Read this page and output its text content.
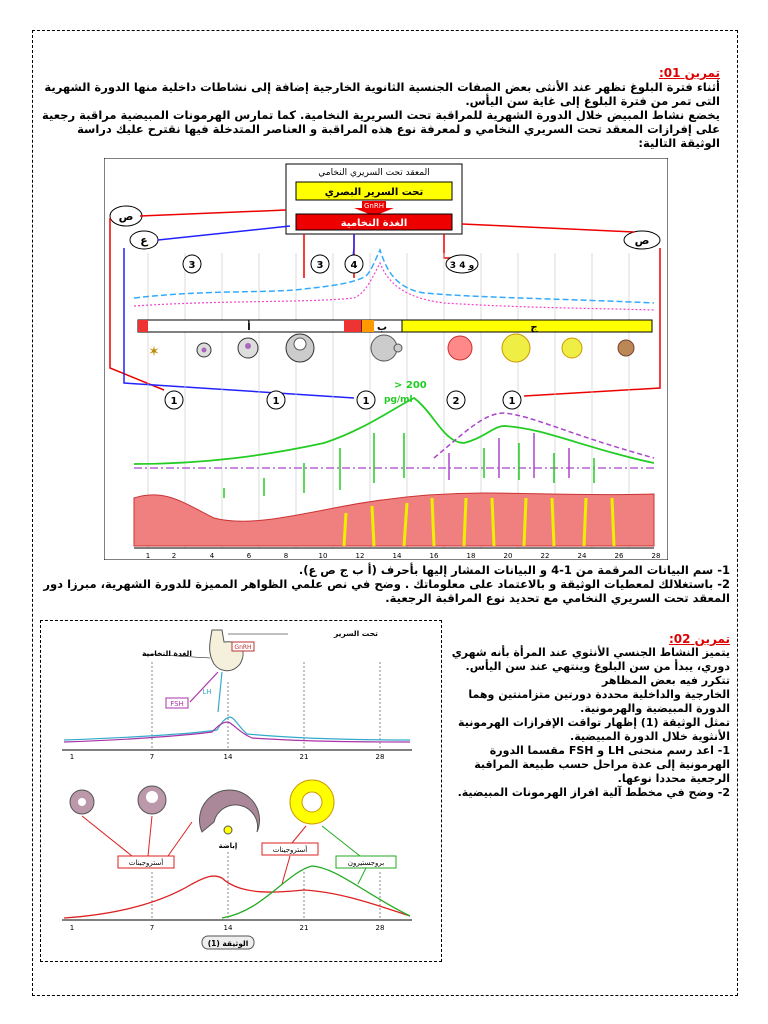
تمرين 01:
أثناء فترة البلوغ تظهر عند الأنثى بعض الصفات الجنسية الثانوية الخارجية إضافة إلى نشاطات داخلية منها الدورة الشهرية التى تمر من فترة البلوغ إلى غاية سن اليأس.
يخضع نشاط المبيض خلال الدورة الشهرية للمراقبة تحت السريرية النخامية. كما تمارس الهرمونات المبيضية مراقبة رجعية على إفرازات المعقد تحت السريري النخامي و لمعرفة نوع هذه المراقبة و العناصر المتدخلة فيها نقترح عليك دراسة الوثيقة التالية:
المعقد تحت السريري النخامي
تحت السرير البصري
GnRH
الغدة النخامية
ص
ع	ص
3	3	4	3 و 4
أ	ب	ج
✶
1	1	1	2	1
> 200
pg/ml
1	2	4	6	8	10	12	14	16	18	20	22	24	26	28
1- سم البيانات المرقمة من 1-4 و البيانات المشار إليها بأحرف (أ ب ج ص ع).
2- باستغلالك لمعطيات الوثيقة و بالاعتماد على معلوماتك . وضح في نص علمي الظواهر المميزة للدورة الشهرية، مبرزا دور المعقد تحت السريري النخامي مع تحديد نوع المراقبة الرجعية.
تمرين 02:
يتميز النشاط الجنسي الأنثوي عند المرأة بأنه شهري دوري، يبدأ من سن البلوغ وينتهي عند سن اليأس. تتكرر فيه بعض المظاهر
الخارجية والداخلية محددة دورتين متزامنتين وهما الدورة المبيضية والهرمونية.
تمثل الوثيقة (1) إظهار تواقت الإفرازات الهرمونية الأنثوية خلال الدورة المبيضية.
1- اعد رسم منحنى LH و FSH مقسما الدورة الهرمونية إلى عدة مراحل حسب طبيعة المراقبة الرجعية محددا نوعها.
2- وضح في مخطط آلية افراز الهرمونات المبيضية.
GnRH
تحت السرير
الغدة النخامية
FSH
LH
1	7	14	21	28
إباضة
أستروجينات
أستروجينات
بروجستيرون
1	7	14	21	28
الوثيقة (1)
